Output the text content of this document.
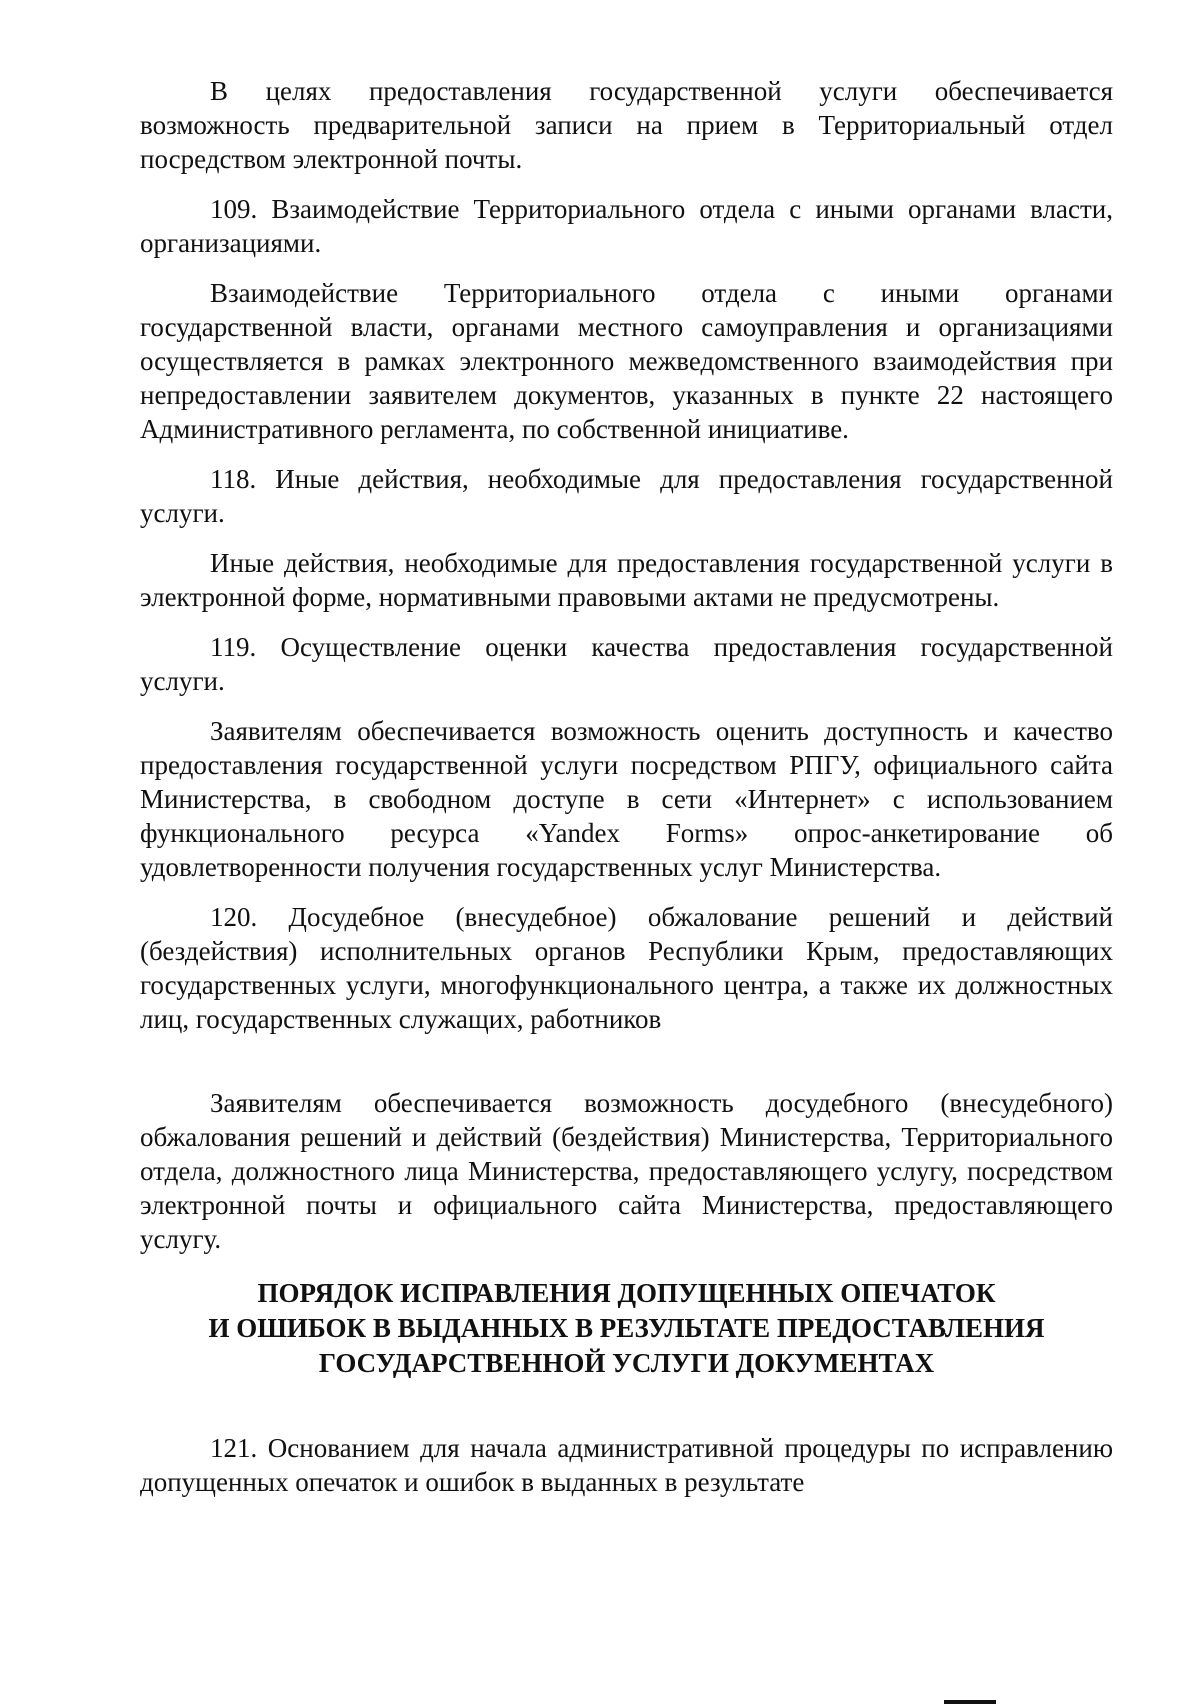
В целях предоставления государственной услуги обеспечивается возможность предварительной записи на прием в Территориальный отдел посредством электронной почты.

109. Взаимодействие Территориального отдела с иными органами власти, организациями.

Взаимодействие Территориального отдела с иными органами государственной власти, органами местного самоуправления и организациями осуществляется в рамках электронного межведомственного взаимодействия при непредоставлении заявителем документов, указанных в пункте 22 настоящего Административного регламента, по собственной инициативе.

118. Иные действия, необходимые для предоставления государственной услуги.

Иные действия, необходимые для предоставления государственной услуги в электронной форме, нормативными правовыми актами не предусмотрены.

119. Осуществление оценки качества предоставления государственной услуги.

Заявителям обеспечивается возможность оценить доступность и качество предоставления государственной услуги посредством РПГУ, официального сайта Министерства, в свободном доступе в сети «Интернет» с использованием функционального ресурса «Yandex Forms» опрос-анкетирование об удовлетворенности получения государственных услуг Министерства.

120. Досудебное (внесудебное) обжалование решений и действий (бездействия) исполнительных органов Республики Крым, предоставляющих государственных услуги, многофункционального центра, а также их должностных лиц, государственных служащих, работников

Заявителям обеспечивается возможность досудебного (внесудебного) обжалования решений и действий (бездействия) Министерства, Территориального отдела, должностного лица Министерства, предоставляющего услугу, посредством электронной почты и официального сайта Министерства, предоставляющего услугу.

ПОРЯДОК ИСПРАВЛЕНИЯ ДОПУЩЕННЫХ ОПЕЧАТОК
И ОШИБОК В ВЫДАННЫХ В РЕЗУЛЬТАТЕ ПРЕДОСТАВЛЕНИЯ
ГОСУДАРСТВЕННОЙ УСЛУГИ ДОКУМЕНТАХ

121. Основанием для начала административной процедуры по исправлению допущенных опечаток и ошибок в выданных в результате
